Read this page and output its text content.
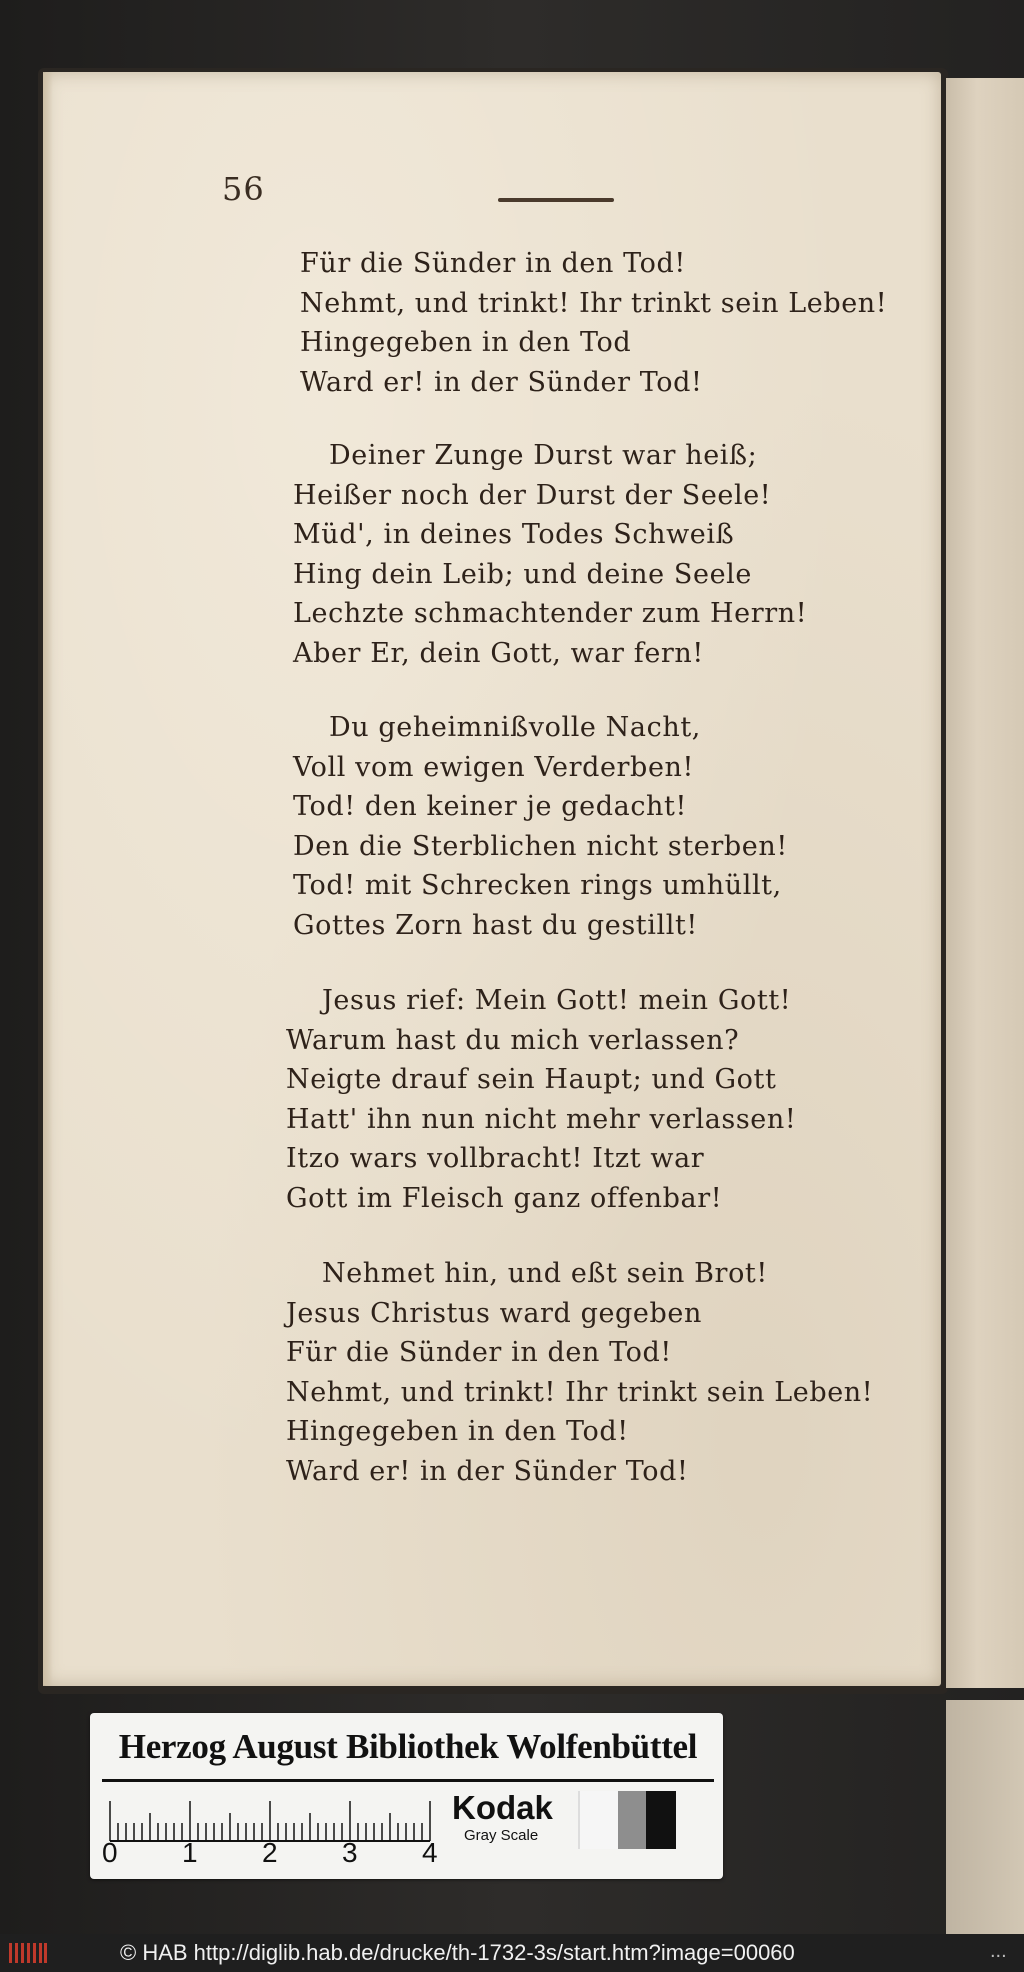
56
Für die Sünder in den Tod!
Nehmt, und trinkt! Ihr trinkt sein Leben!
Hingegeben in den Tod
Ward er! in der Sünder Tod!
Deiner Zunge Durst war heiß;
Heißer noch der Durst der Seele!
Müd', in deines Todes Schweiß
Hing dein Leib; und deine Seele
Lechzte schmachtender zum Herrn!
Aber Er, dein Gott, war fern!
Du geheimnißvolle Nacht,
Voll vom ewigen Verderben!
Tod! den keiner je gedacht!
Den die Sterblichen nicht sterben!
Tod! mit Schrecken rings umhüllt,
Gottes Zorn hast du gestillt!
Jesus rief: Mein Gott! mein Gott!
Warum hast du mich verlassen?
Neigte drauf sein Haupt; und Gott
Hatt' ihn nun nicht mehr verlassen!
Itzo wars vollbracht! Itzt war
Gott im Fleisch ganz offenbar!
Nehmet hin, und eßt sein Brot!
Jesus Christus ward gegeben
Für die Sünder in den Tod!
Nehmt, und trinkt! Ihr trinkt sein Leben!
Hingegeben in den Tod!
Ward er! in der Sünder Tod!
Herzog August Bibliothek Wolfenbüttel
0 1 2 3 4
Kodak
Gray Scale
© HAB http://diglib.hab.de/drucke/th-1732-3s/start.htm?image=00060	...
